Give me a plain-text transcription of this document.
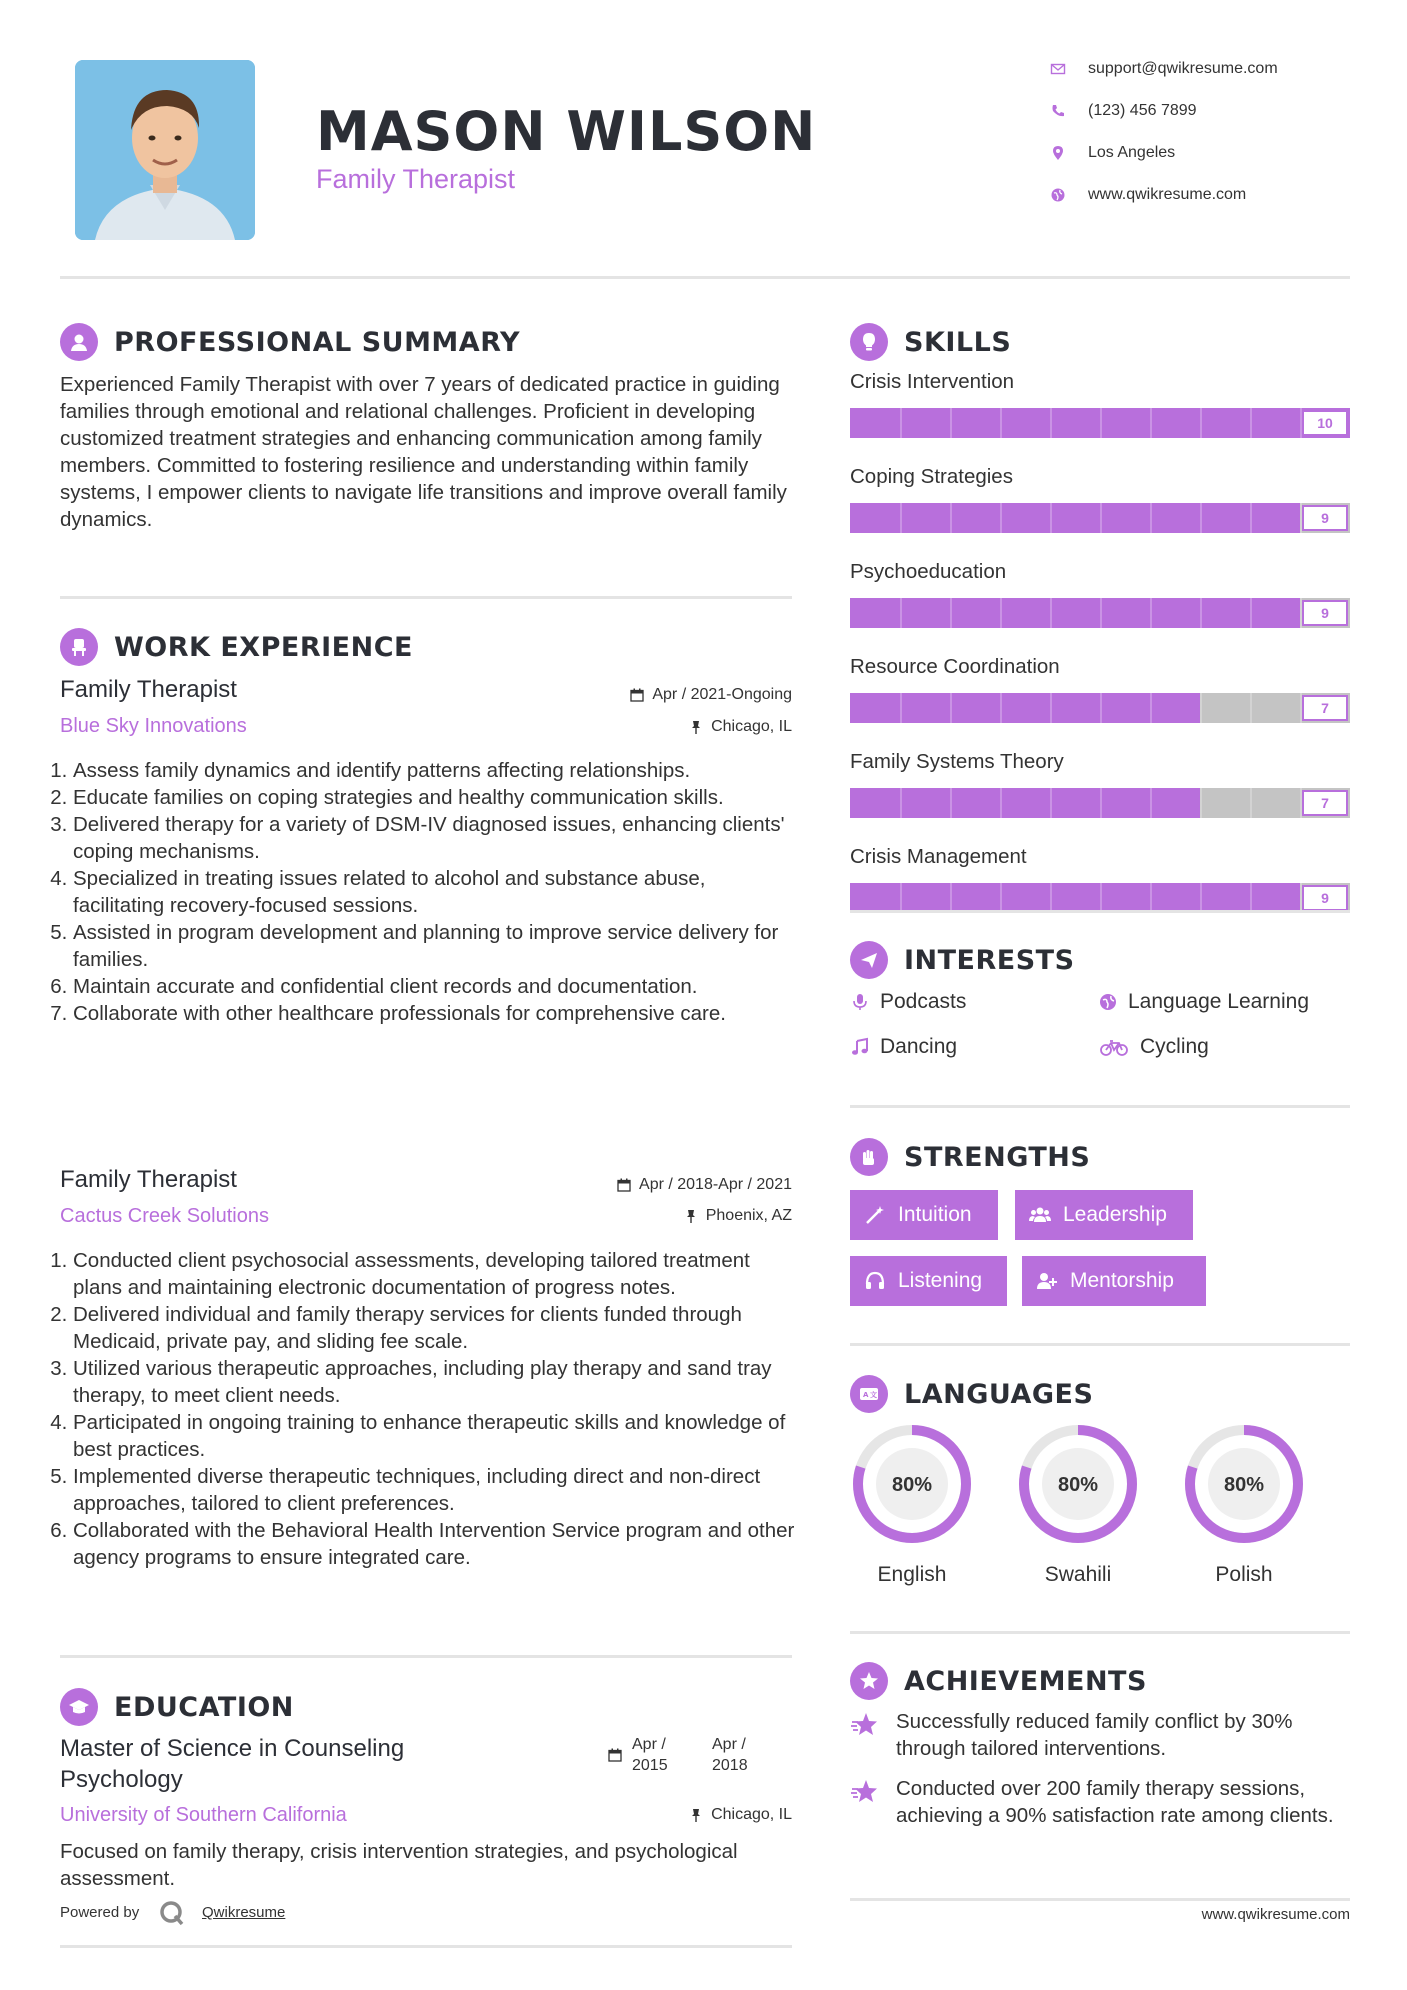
MASON WILSON
Family Therapist
support@qwikresume.com
(123) 456 7899
Los Angeles
www.qwikresume.com
PROFESSIONAL SUMMARY
Experienced Family Therapist with over 7 years of dedicated practice in guiding families through emotional and relational challenges. Proficient in developing customized treatment strategies and enhancing communication among family members. Committed to fostering resilience and understanding within family systems, I empower clients to navigate life transitions and improve overall family dynamics.
WORK EXPERIENCE
Family Therapist	Apr / 2021-Ongoing
Blue Sky Innovations	Chicago, IL
1. Assess family dynamics and identify patterns affecting relationships.
2. Educate families on coping strategies and healthy communication skills.
3. Delivered therapy for a variety of DSM-IV diagnosed issues, enhancing clients' coping mechanisms.
4. Specialized in treating issues related to alcohol and substance abuse, facilitating recovery-focused sessions.
5. Assisted in program development and planning to improve service delivery for families.
6. Maintain accurate and confidential client records and documentation.
7. Collaborate with other healthcare professionals for comprehensive care.
Family Therapist	Apr / 2018-Apr / 2021
Cactus Creek Solutions	Phoenix, AZ
1. Conducted client psychosocial assessments, developing tailored treatment plans and maintaining electronic documentation of progress notes.
2. Delivered individual and family therapy services for clients funded through Medicaid, private pay, and sliding fee scale.
3. Utilized various therapeutic approaches, including play therapy and sand tray therapy, to meet client needs.
4. Participated in ongoing training to enhance therapeutic skills and knowledge of best practices.
5. Implemented diverse therapeutic techniques, including direct and non-direct approaches, tailored to client preferences.
6. Collaborated with the Behavioral Health Intervention Service program and other agency programs to ensure integrated care.
EDUCATION
Master of Science in Counseling
Psychology
Apr /
2015
Apr /
2018
University of Southern California	Chicago, IL
Focused on family therapy, crisis intervention strategies, and psychological assessment.
Powered by	Qwikresume
SKILLS
Crisis Intervention
10
Coping Strategies
9
Psychoeducation
9
Resource Coordination
7
Family Systems Theory
7
Crisis Management
9
INTERESTS
Podcasts	Language Learning
Dancing	Cycling
STRENGTHS
Intuition	Leadership
Listening	Mentorship
A 文 LANGUAGES
80%
English
80%
Swahili
80%
Polish
ACHIEVEMENTS
Successfully reduced family conflict by 30% through tailored interventions.
Conducted over 200 family therapy sessions, achieving a 90% satisfaction rate among clients.
www.qwikresume.com
